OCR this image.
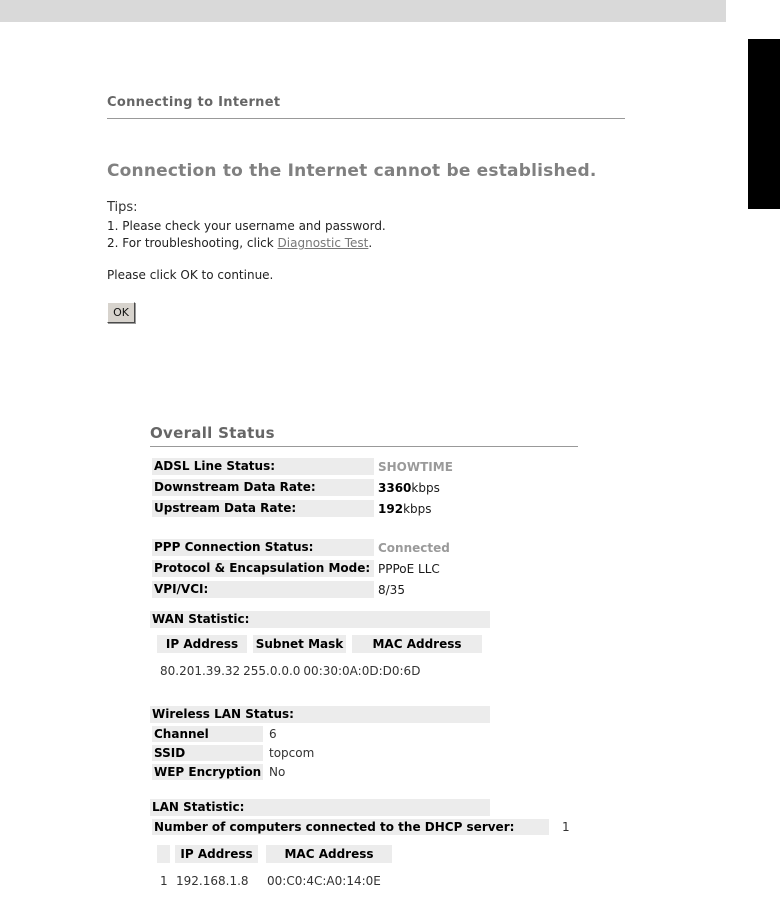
Connecting to Internet
Connection to the Internet cannot be established.
Tips:
1. Please check your username and password.
2. For troubleshooting, click Diagnostic Test.
Please click OK to continue.
OK
Overall Status
ADSL Line Status:	SHOWTIME
Downstream Data Rate:	3360kbps
Upstream Data Rate:	192kbps
PPP Connection Status:	Connected
Protocol & Encapsulation Mode: PPPoE LLC
VPI/VCI:	8/35
WAN Statistic:
IP Address	Subnet Mask	MAC Address
80.201.39.32 255.0.0.0 00:30:0A:0D:D0:6D
Wireless LAN Status:
Channel	6
SSID	topcom
WEP Encryption No
LAN Statistic:
Number of computers connected to the DHCP server:	1
IP Address	MAC Address
1 192.168.1.8	00:C0:4C:A0:14:0E
